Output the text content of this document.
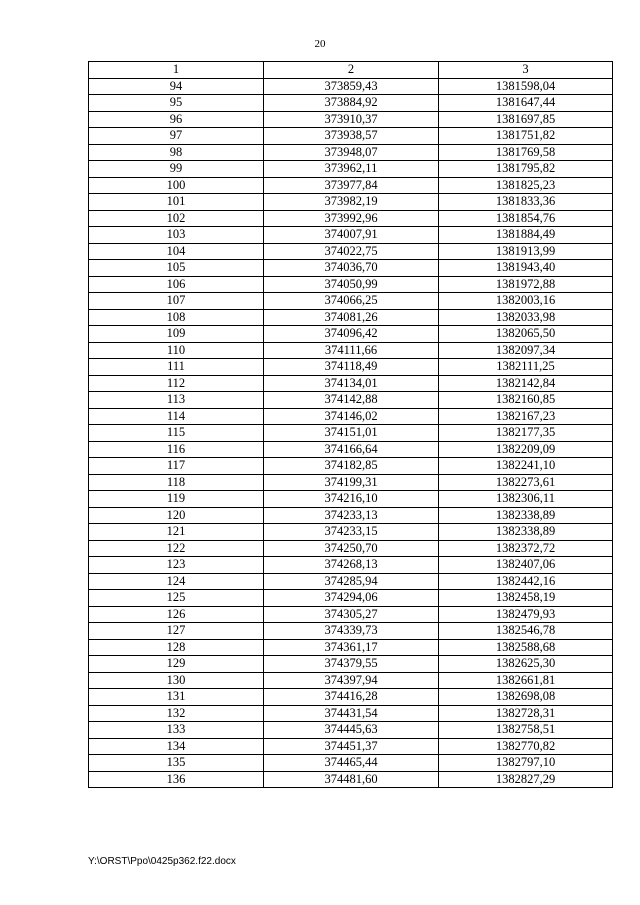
20
1	2	3
94	373859,43	1381598,04
95	373884,92	1381647,44
96	373910,37	1381697,85
97	373938,57	1381751,82
98	373948,07	1381769,58
99	373962,11	1381795,82
100	373977,84	1381825,23
101	373982,19	1381833,36
102	373992,96	1381854,76
103	374007,91	1381884,49
104	374022,75	1381913,99
105	374036,70	1381943,40
106	374050,99	1381972,88
107	374066,25	1382003,16
108	374081,26	1382033,98
109	374096,42	1382065,50
110	374111,66	1382097,34
111	374118,49	1382111,25
112	374134,01	1382142,84
113	374142,88	1382160,85
114	374146,02	1382167,23
115	374151,01	1382177,35
116	374166,64	1382209,09
117	374182,85	1382241,10
118	374199,31	1382273,61
119	374216,10	1382306,11
120	374233,13	1382338,89
121	374233,15	1382338,89
122	374250,70	1382372,72
123	374268,13	1382407,06
124	374285,94	1382442,16
125	374294,06	1382458,19
126	374305,27	1382479,93
127	374339,73	1382546,78
128	374361,17	1382588,68
129	374379,55	1382625,30
130	374397,94	1382661,81
131	374416,28	1382698,08
132	374431,54	1382728,31
133	374445,63	1382758,51
134	374451,37	1382770,82
135	374465,44	1382797,10
136	374481,60	1382827,29
Y:\ORST\Ppo\0425p362.f22.docx
